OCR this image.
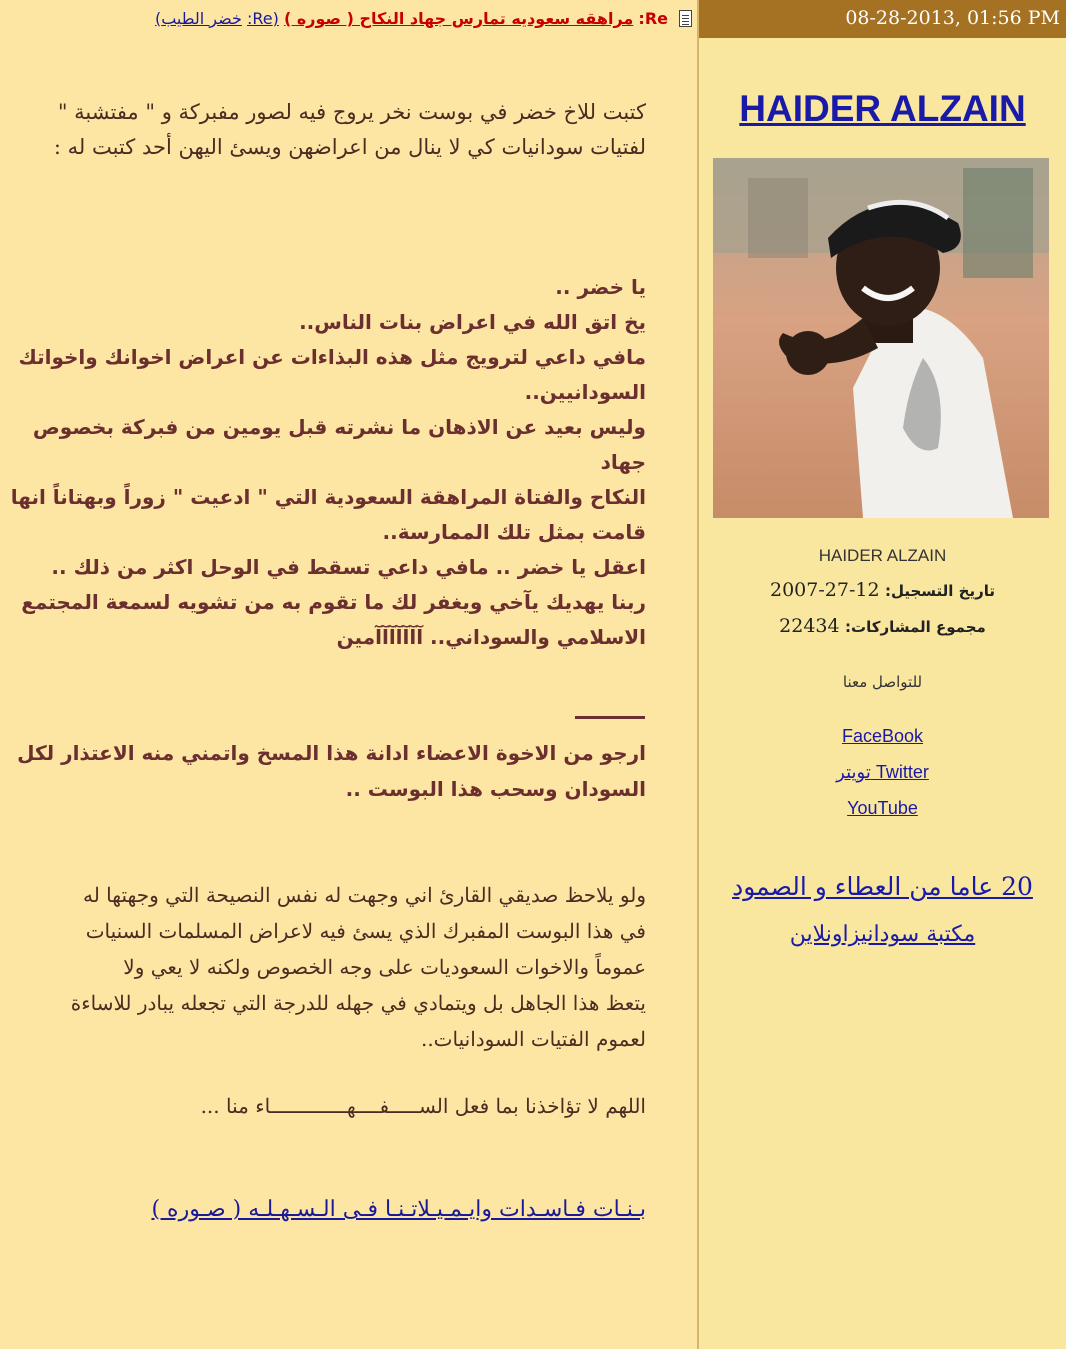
Re: مراهقه سعوديه تمارس جهاد النكاح ( صوره ) (Re: خضر الطيب)

كتبت للاخ خضر في بوست نخر يروج فيه لصور مفبركة و " مفتشبة "
لفتيات سودانيات كي لا ينال من اعراضهن ويسئ اليهن أحد كتبت له :

يا خضر ..
يخ اتق الله في اعراض بنات الناس..
مافي داعي لترويج مثل هذه البذاءات عن اعراض اخوانك واخواتك
السودانيين..
وليس بعيد عن الاذهان ما نشرته قبل يومين من فبركة بخصوص جهاد
النكاح والفتاة المراهقة السعودية التي " ادعيت " زوراً وبهتاناً انها
قامت بمثل تلك الممارسة..
اعقل يا خضر .. مافي داعي تسقط في الوحل اكثر من ذلك ..
ربنا يهديك يآخي ويغفر لك ما تقوم به من تشويه لسمعة المجتمع
الاسلامي والسوداني.. آآآآآآآمين

ارجو من الاخوة الاعضاء ادانة هذا المسخ واتمني منه الاعتذار لكل
السودان وسحب هذا البوست ..

ولو يلاحظ صديقي القارئ اني وجهت له نفس النصيحة التي وجهتها له
في هذا البوست المفبرك الذي يسئ فيه لاعراض المسلمات السنيات
عموماً والاخوات السعوديات على وجه الخصوص ولكنه لا يعي ولا
يتعظ هذا الجاهل بل ويتمادي في جهله للدرجة التي تجعله يبادر للاساءة
لعموم الفتيات السودانيات..

اللهم لا تؤاخذنا بما فعل الســـــفــــهـــــــــــــاء منا ...

بـنـات فـاسـدات وايـمـيـلاتـنـا فـى الـسـهـلـه ( صـوره )
08-28-2013, 01:56 PM
HAIDER ALZAIN
HAIDER ALZAIN
تاريخ التسجيل: 12-27-2007
مجموع المشاركات: 22434
للتواصل معنا
FaceBook
تويتر Twitter
YouTube
20 عاما من العطاء و الصمود
مكتبة سودانيزاونلاين
